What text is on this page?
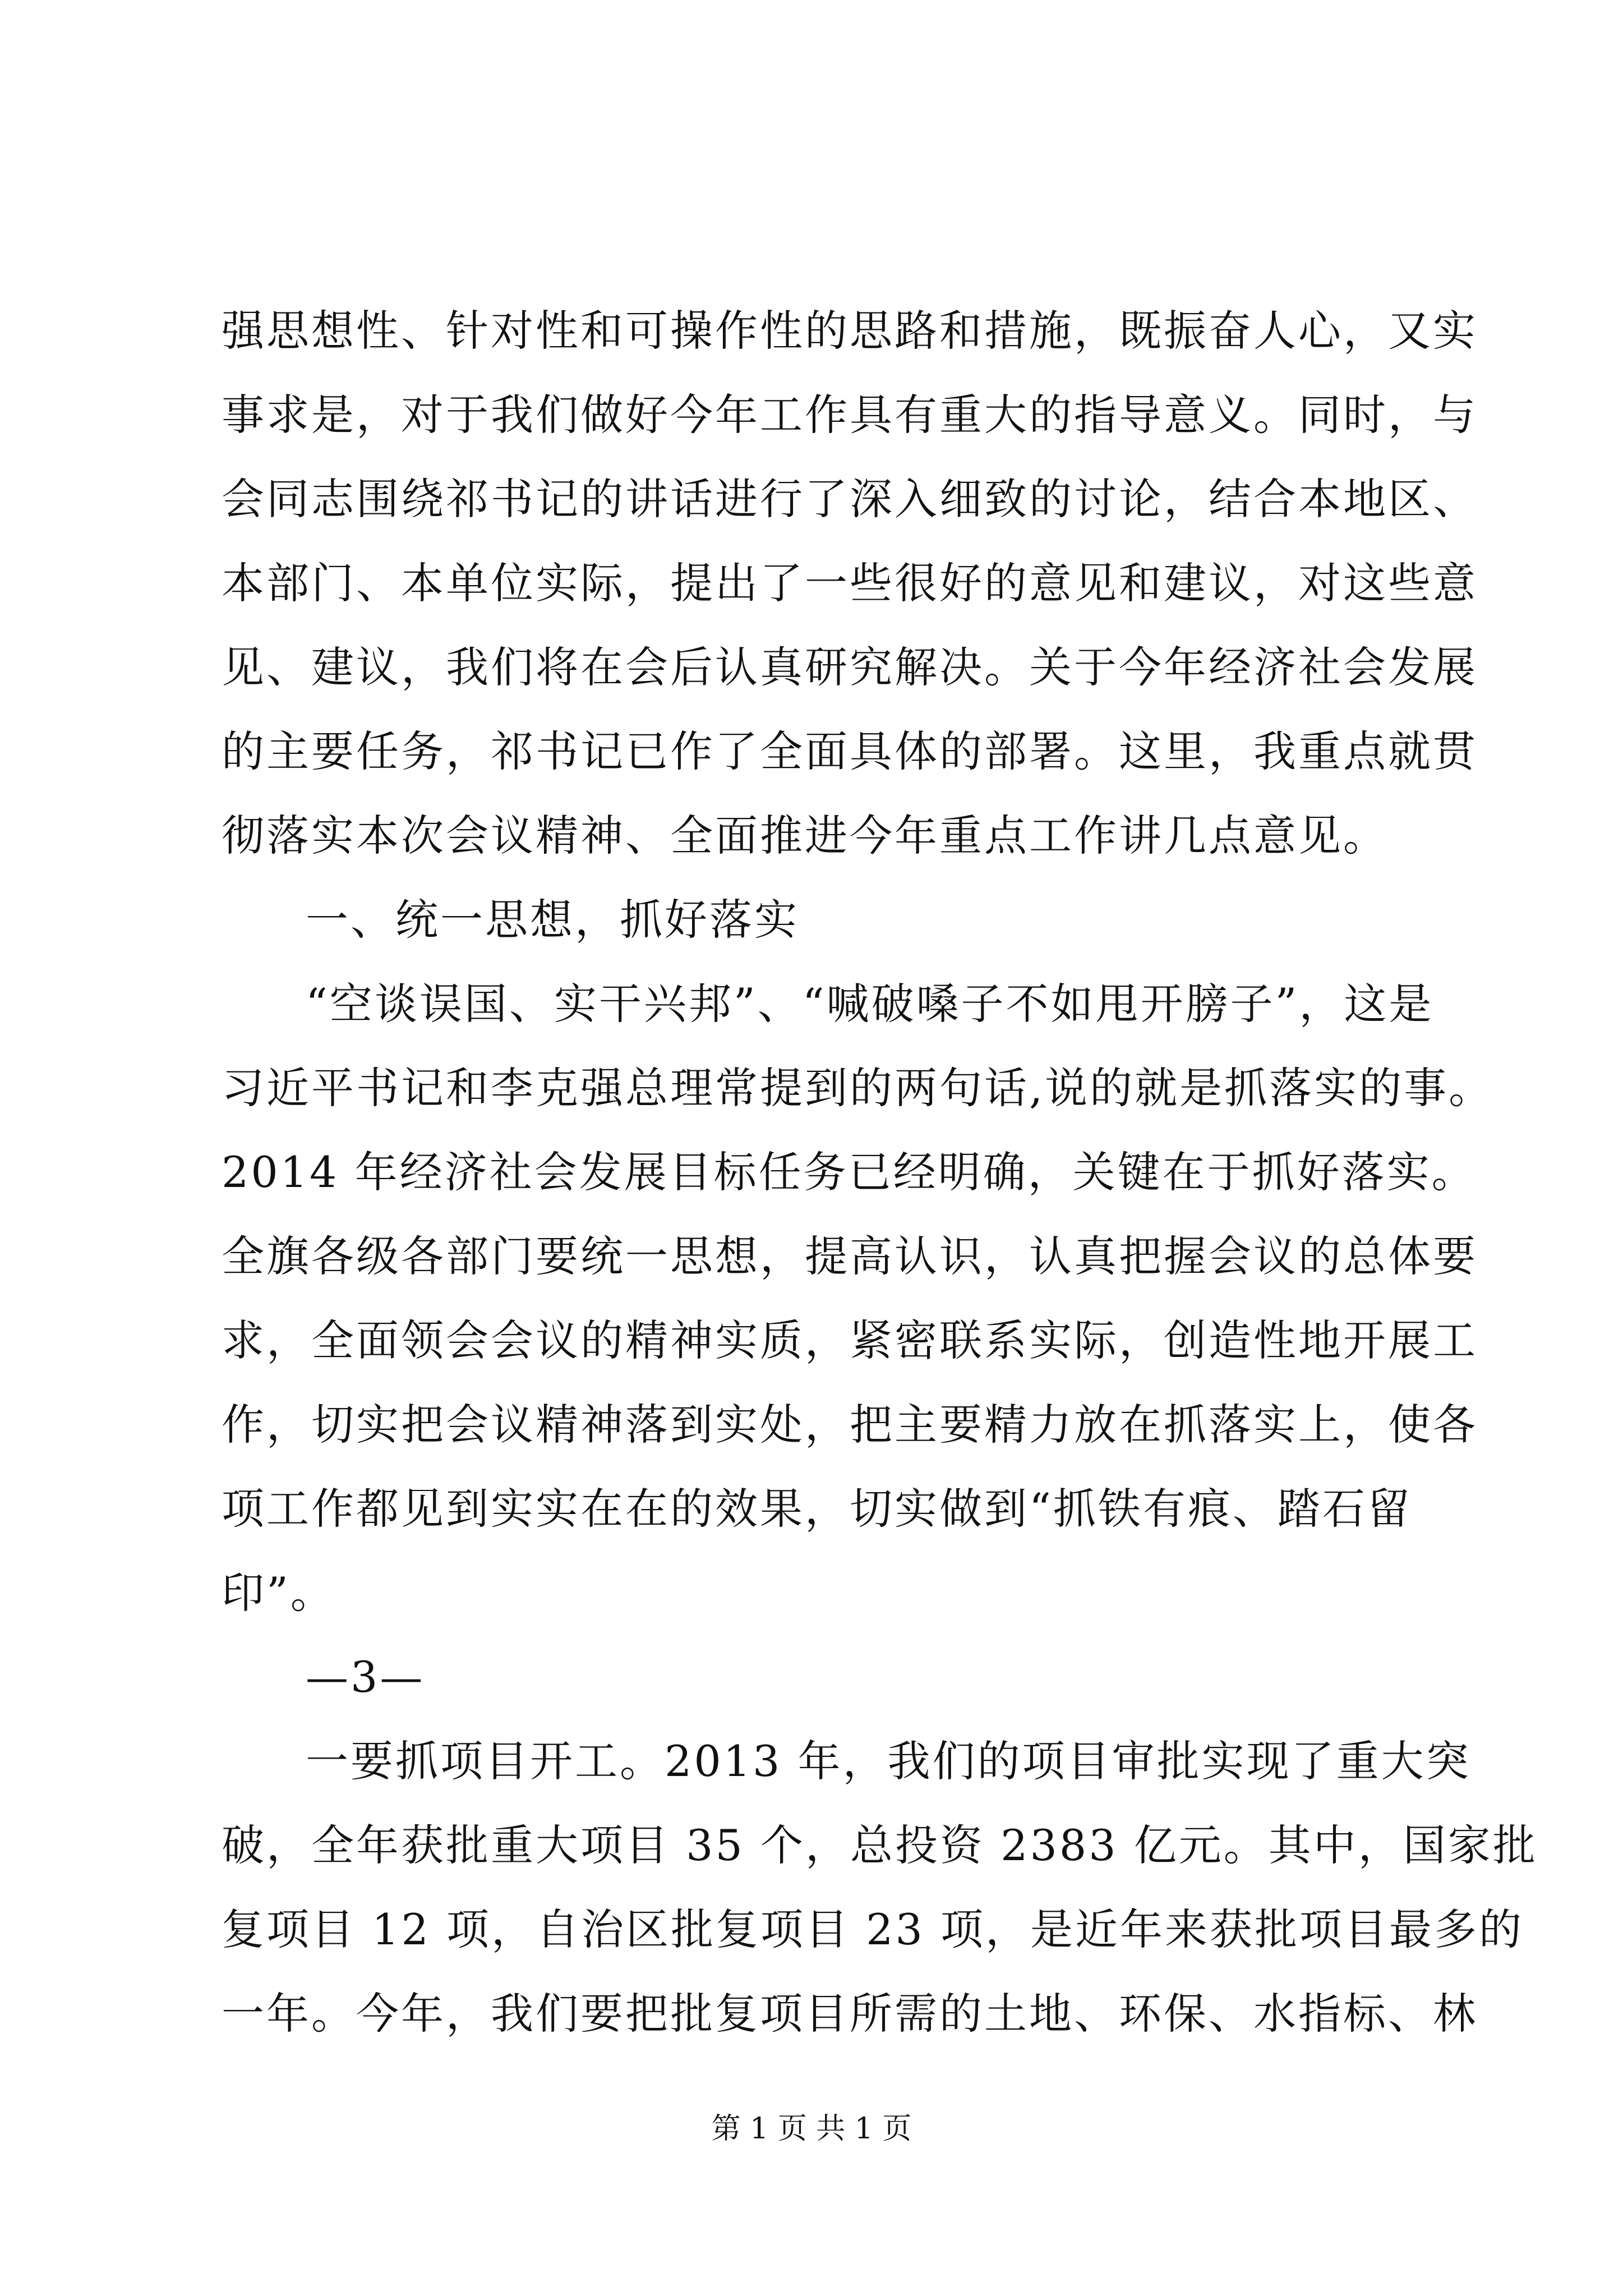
强思想性、针对性和可操作性的思路和措施，既振奋人心，又实
事求是，对于我们做好今年工作具有重大的指导意义。同时，与
会同志围绕祁书记的讲话进行了深入细致的讨论，结合本地区、
本部门、本单位实际，提出了一些很好的意见和建议，对这些意
见、建议，我们将在会后认真研究解决。关于今年经济社会发展
的主要任务，祁书记已作了全面具体的部署。这里，我重点就贯
彻落实本次会议精神、全面推进今年重点工作讲几点意见。
一、统一思想，抓好落实
“空谈误国、实干兴邦”、“喊破嗓子不如甩开膀子”，这是
习近平书记和李克强总理常提到的两句话,说的就是抓落实的事。
2014 年经济社会发展目标任务已经明确，关键在于抓好落实。
全旗各级各部门要统一思想，提高认识，认真把握会议的总体要
求，全面领会会议的精神实质，紧密联系实际，创造性地开展工
作，切实把会议精神落到实处，把主要精力放在抓落实上，使各
项工作都见到实实在在的效果，切实做到“抓铁有痕、踏石留
印”。
—3—
一要抓项目开工。2013 年，我们的项目审批实现了重大突
破，全年获批重大项目 35 个，总投资 2383 亿元。其中，国家批
复项目 12 项，自治区批复项目 23 项，是近年来获批项目最多的
一年。今年，我们要把批复项目所需的土地、环保、水指标、林
第 1 页 共 1 页
